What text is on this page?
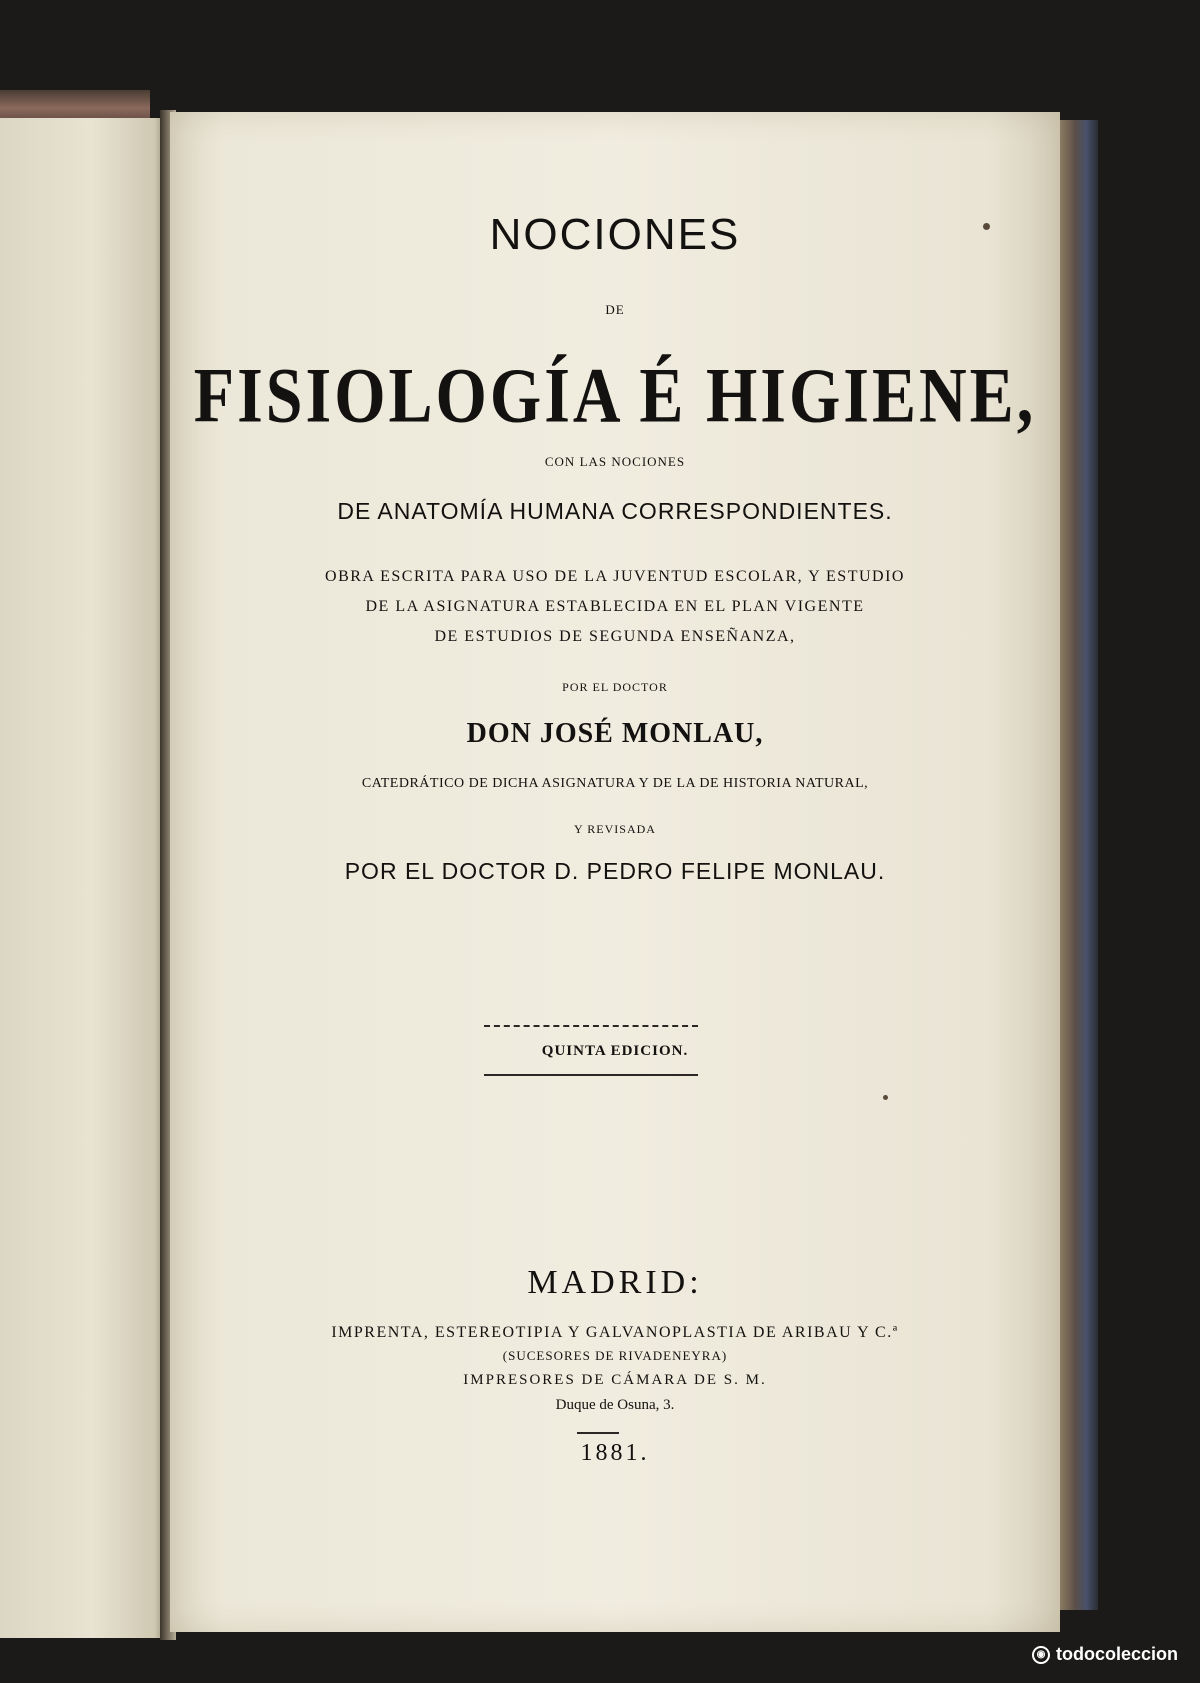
NOCIONES
DE
FISIOLOGÍA É HIGIENE,
CON LAS NOCIONES
DE ANATOMÍA HUMANA CORRESPONDIENTES.
OBRA ESCRITA PARA USO DE LA JUVENTUD ESCOLAR, Y ESTUDIO
DE LA ASIGNATURA ESTABLECIDA EN EL PLAN VIGENTE
DE ESTUDIOS DE SEGUNDA ENSEÑANZA,
POR EL DOCTOR
DON JOSÉ MONLAU,
CATEDRÁTICO DE DICHA ASIGNATURA Y DE LA DE HISTORIA NATURAL,
Y REVISADA
POR EL DOCTOR D. PEDRO FELIPE MONLAU.
QUINTA EDICION.
MADRID:
IMPRENTA, ESTEREOTIPIA Y GALVANOPLASTIA DE ARIBAU Y C.ª
(SUCESORES DE RIVADENEYRA)
IMPRESORES DE CÁMARA DE S. M.
Duque de Osuna, 3.
1881.
◉ todocoleccion
